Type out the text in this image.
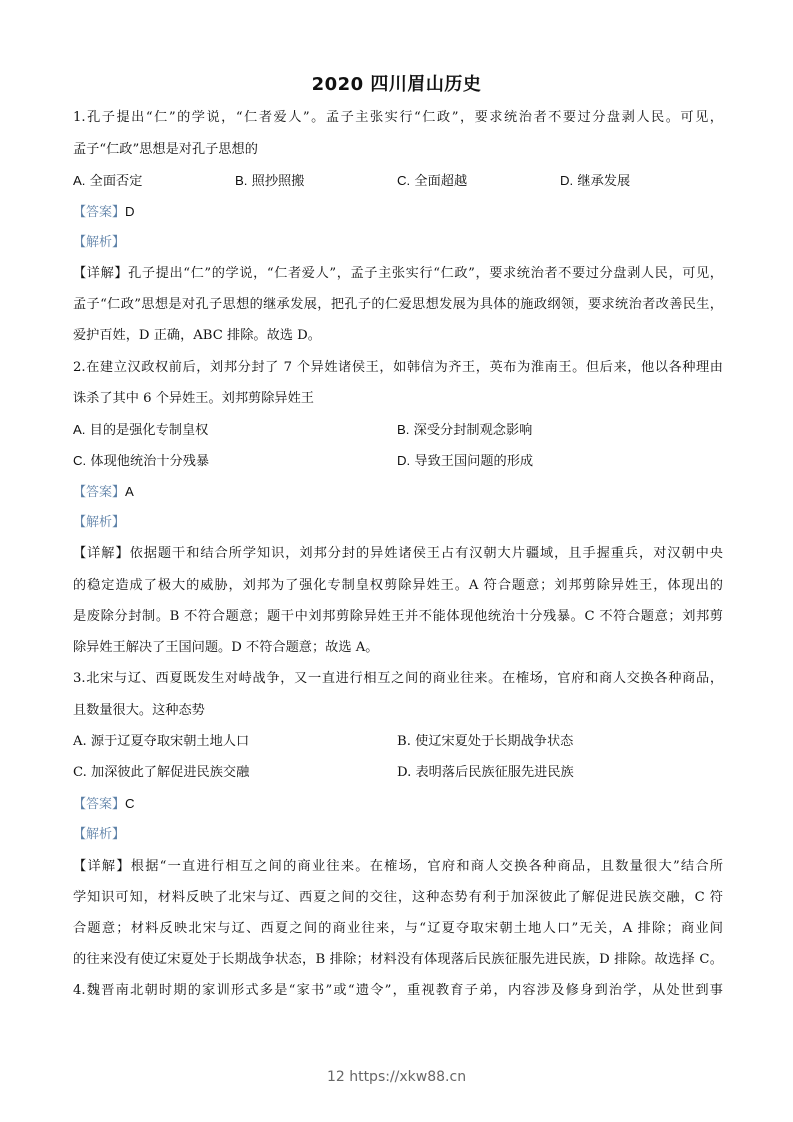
2020 四川眉山历史
1.孔子提出“仁”的学说，“仁者爱人”。孟子主张实行“仁政”，要求统治者不要过分盘剥人民。可见，
孟子“仁政”思想是对孔子思想的
A. 全面否定	B. 照抄照搬	C. 全面超越	D. 继承发展
【答案】D
【解析】
【详解】孔子提出“仁”的学说，“仁者爱人”，孟子主张实行“仁政”，要求统治者不要过分盘剥人民，可见，
孟子“仁政”思想是对孔子思想的继承发展，把孔子的仁爱思想发展为具体的施政纲领，要求统治者改善民生，
爱护百姓，D 正确，ABC 排除。故选 D。
2.在建立汉政权前后，刘邦分封了 7 个异姓诸侯王，如韩信为齐王，英布为淮南王。但后来，他以各种理由
诛杀了其中 6 个异姓王。刘邦剪除异姓王
A. 目的是强化专制皇权	B. 深受分封制观念影响
C. 体现他统治十分残暴	D. 导致王国问题的形成
【答案】A
【解析】
【详解】依据题干和结合所学知识，刘邦分封的异姓诸侯王占有汉朝大片疆域，且手握重兵，对汉朝中央
的稳定造成了极大的威胁，刘邦为了强化专制皇权剪除异姓王。A 符合题意；刘邦剪除异姓王，体现出的
是废除分封制。B 不符合题意；题干中刘邦剪除异姓王并不能体现他统治十分残暴。C 不符合题意；刘邦剪
除异姓王解决了王国问题。D 不符合题意；故选 A。
3.北宋与辽、西夏既发生对峙战争，又一直进行相互之间的商业往来。在榷场，官府和商人交换各种商品，
且数量很大。这种态势
A. 源于辽夏夺取宋朝土地人口	B. 使辽宋夏处于长期战争状态
C. 加深彼此了解促进民族交融	D. 表明落后民族征服先进民族
【答案】C
【解析】
【详解】根据“一直进行相互之间的商业往来。在榷场，官府和商人交换各种商品，且数量很大”结合所
学知识可知，材料反映了北宋与辽、西夏之间的交往，这种态势有利于加深彼此了解促进民族交融，C 符
合题意；材料反映北宋与辽、西夏之间的商业往来，与“辽夏夺取宋朝土地人口”无关，A 排除；商业间
的往来没有使辽宋夏处于长期战争状态，B 排除；材料没有体现落后民族征服先进民族，D 排除。故选择 C。
4.魏晋南北朝时期的家训形式多是“家书”或“遗令”，重视教育子弟，内容涉及修身到治学，从处世到事
12 https://xkw88.cn
